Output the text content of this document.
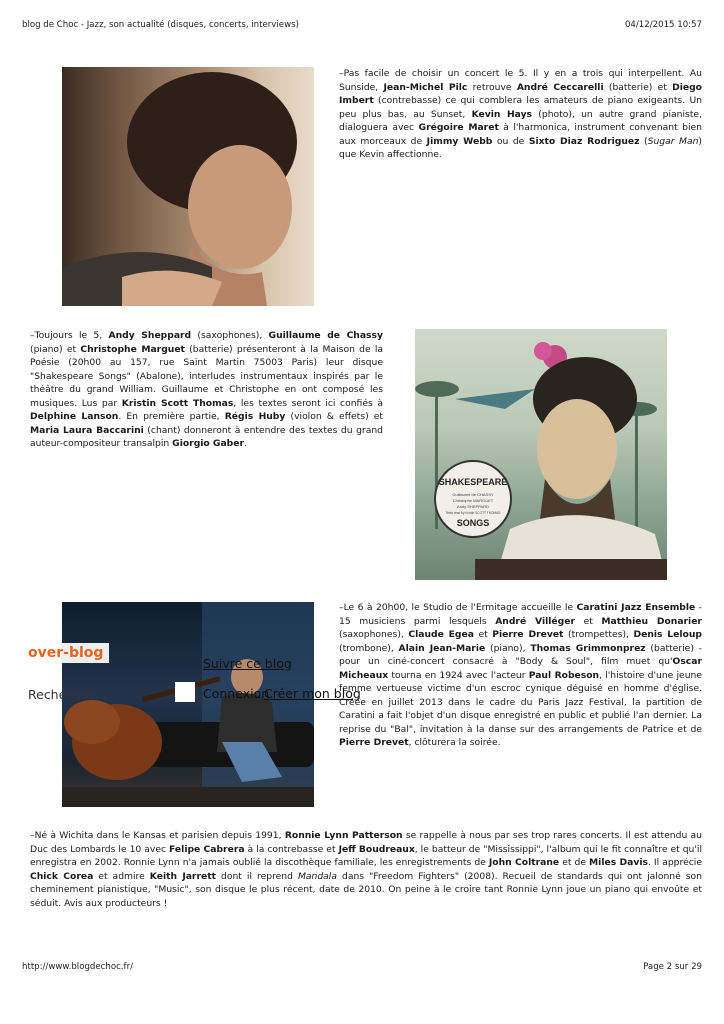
blog de Choc - Jazz, son actualité (disques, concerts, interviews)	04/12/2015 10:57

–Pas facile de choisir un concert le 5. Il y en a trois qui interpellent. Au Sunside, Jean-Michel Pilc retrouve André Ceccarelli (batterie) et Diego Imbert (contrebasse) ce qui comblera les amateurs de piano exigeants. Un peu plus bas, au Sunset, Kevin Hays (photo), un autre grand pianiste, dialoguera avec Grégoire Maret à l'harmonica, instrument convenant bien aux morceaux de Jimmy Webb ou de Sixto Diaz Rodriguez (Sugar Man) que Kevin affectionne.

–Toujours le 5, Andy Sheppard (saxophones), Guillaume de Chassy (piano) et Christophe Marguet (batterie) présenteront à la Maison de la Poésie (20h00 au 157, rue Saint Martin 75003 Paris) leur disque "Shakespeare Songs" (Abalone), interludes instrumentaux inspirés par le théâtre du grand William. Guillaume et Christophe en ont composé les musiques. Lus par Kristin Scott Thomas, les textes seront ici confiés à Delphine Lanson. En première partie, Régis Huby (violon & effets) et Maria Laura Baccarini (chant) donneront à entendre des textes du grand auteur-compositeur transalpin Giorgio Gaber.

SHAKESPEARE
Guillaume de CHASSY
Christophe MARGUET
Andy SHEPPARD
Texts read by Kristin SCOTT THOMAS
SONGS

–Le 6 à 20h00, le Studio de l'Ermitage accueille le Caratini Jazz Ensemble - 15 musiciens parmi lesquels André Villéger et Matthieu Donarier (saxophones), Claude Egea et Pierre Drevet (trompettes), Denis Leloup (trombone), Alain Jean-Marie (piano), Thomas Grimmonprez (batterie) - pour un ciné-concert consacré à "Body & Soul", film muet qu'Oscar Micheaux tourna en 1924 avec l'acteur Paul Robeson, l'histoire d'une jeune femme vertueuse victime d'un escroc cynique déguisé en homme d'église. Créée en juillet 2013 dans le cadre du Paris Jazz Festival, la partition de Caratini a fait l'objet d'un disque enregistré en public et publié l'an dernier. La reprise du "Bal", invitation à la danse sur des arrangements de Patrice et de Pierre Drevet, clôturera la soirée.

over-blog
Suivre ce blog
Recherche	Connexion
Créer mon blog

–Né à Wichita dans le Kansas et parisien depuis 1991, Ronnie Lynn Patterson se rappelle à nous par ses trop rares concerts. Il est attendu au Duc des Lombards le 10 avec Felipe Cabrera à la contrebasse et Jeff Boudreaux, le batteur de "Mississippi", l'album qui le fit connaître et qu'il enregistra en 2002. Ronnie Lynn n'a jamais oublié la discothèque familiale, les enregistrements de John Coltrane et de Miles Davis. Il apprécie Chick Corea et admire Keith Jarrett dont il reprend Mandala dans "Freedom Fighters" (2008). Recueil de standards qui ont jalonné son cheminement pianistique, "Music", son disque le plus récent, date de 2010. On peine à le croire tant Ronnie Lynn joue un piano qui envoûte et séduit. Avis aux producteurs !

http://www.blogdechoc.fr/	Page 2 sur 29
